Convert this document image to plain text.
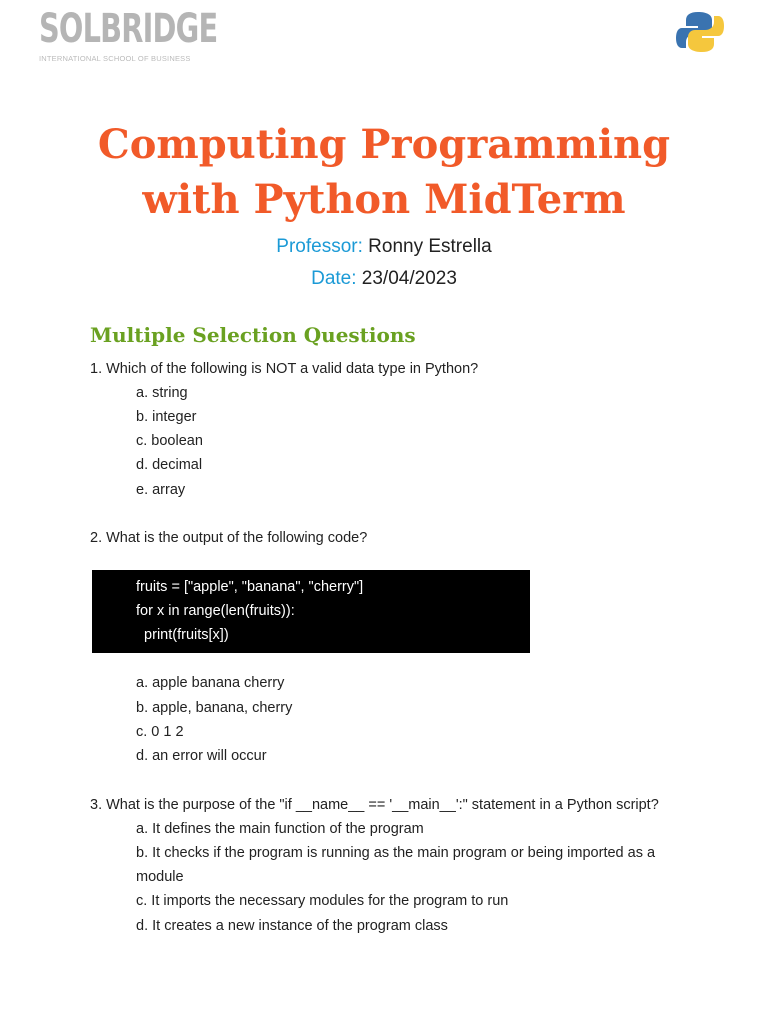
SOLBRIDGE
INTERNATIONAL SCHOOL OF BUSINESS
Computing Programming
with Python MidTerm
Professor: Ronny Estrella
Date: 23/04/2023
Multiple Selection Questions
1. Which of the following is NOT a valid data type in Python?
a. string
b. integer
c. boolean
d. decimal
e. array
2. What is the output of the following code?
fruits = ["apple", "banana", "cherry"]
for x in range(len(fruits)):
print(fruits[x])
a. apple banana cherry
b. apple, banana, cherry
c. 0 1 2
d. an error will occur
3. What is the purpose of the "if __name__ == '__main__':" statement in a Python script?
a. It defines the main function of the program
b. It checks if the program is running as the main program or being imported as a
module
c. It imports the necessary modules for the program to run
d. It creates a new instance of the program class
